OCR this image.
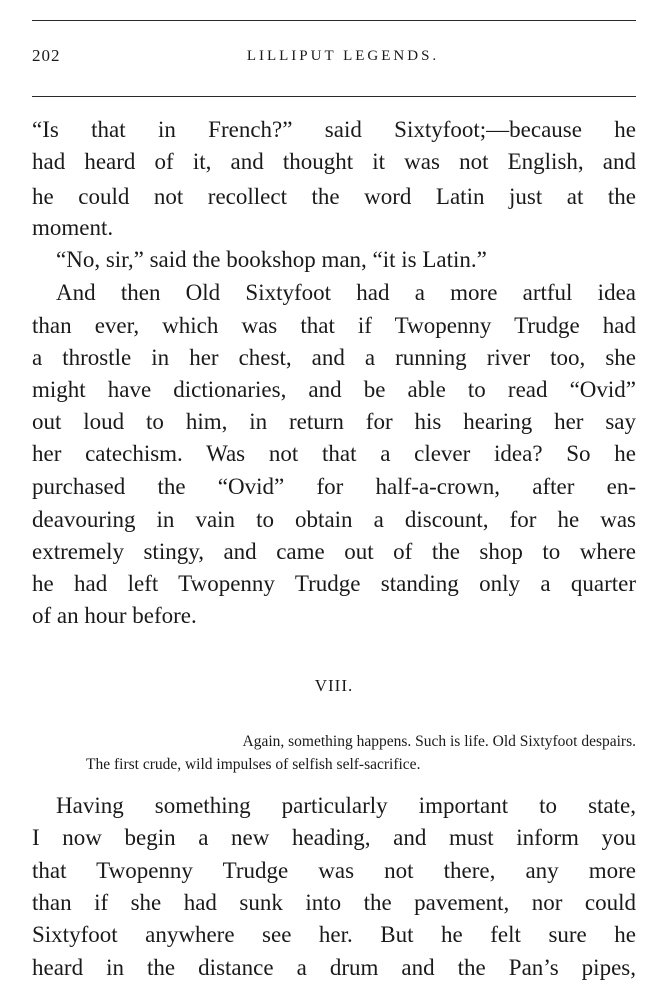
202	LILLIPUT LEGENDS.
“Is that in French?” said Sixtyfoot;—because he
had heard of it, and thought it was not English, and
he could not recollect the word Latin just at the
moment.
“No, sir,” said the bookshop man, “it is Latin.”
And then Old Sixtyfoot had a more artful idea
than ever, which was that if Twopenny Trudge had
a throstle in her chest, and a running river too, she
might have dictionaries, and be able to read “Ovid”
out loud to him, in return for his hearing her say
her catechism. Was not that a clever idea? So he
purchased the “Ovid” for half-a-crown, after en-
deavouring in vain to obtain a discount, for he was
extremely stingy, and came out of the shop to where
he had left Twopenny Trudge standing only a quarter
of an hour before.
VIII.
Again, something happens. Such is life. Old Sixtyfoot despairs.
The first crude, wild impulses of selfish self-sacrifice.
Having something particularly important to state,
I now begin a new heading, and must inform you
that Twopenny Trudge was not there, any more
than if she had sunk into the pavement, nor could
Sixtyfoot anywhere see her. But he felt sure he
heard in the distance a drum and the Pan’s pipes,
